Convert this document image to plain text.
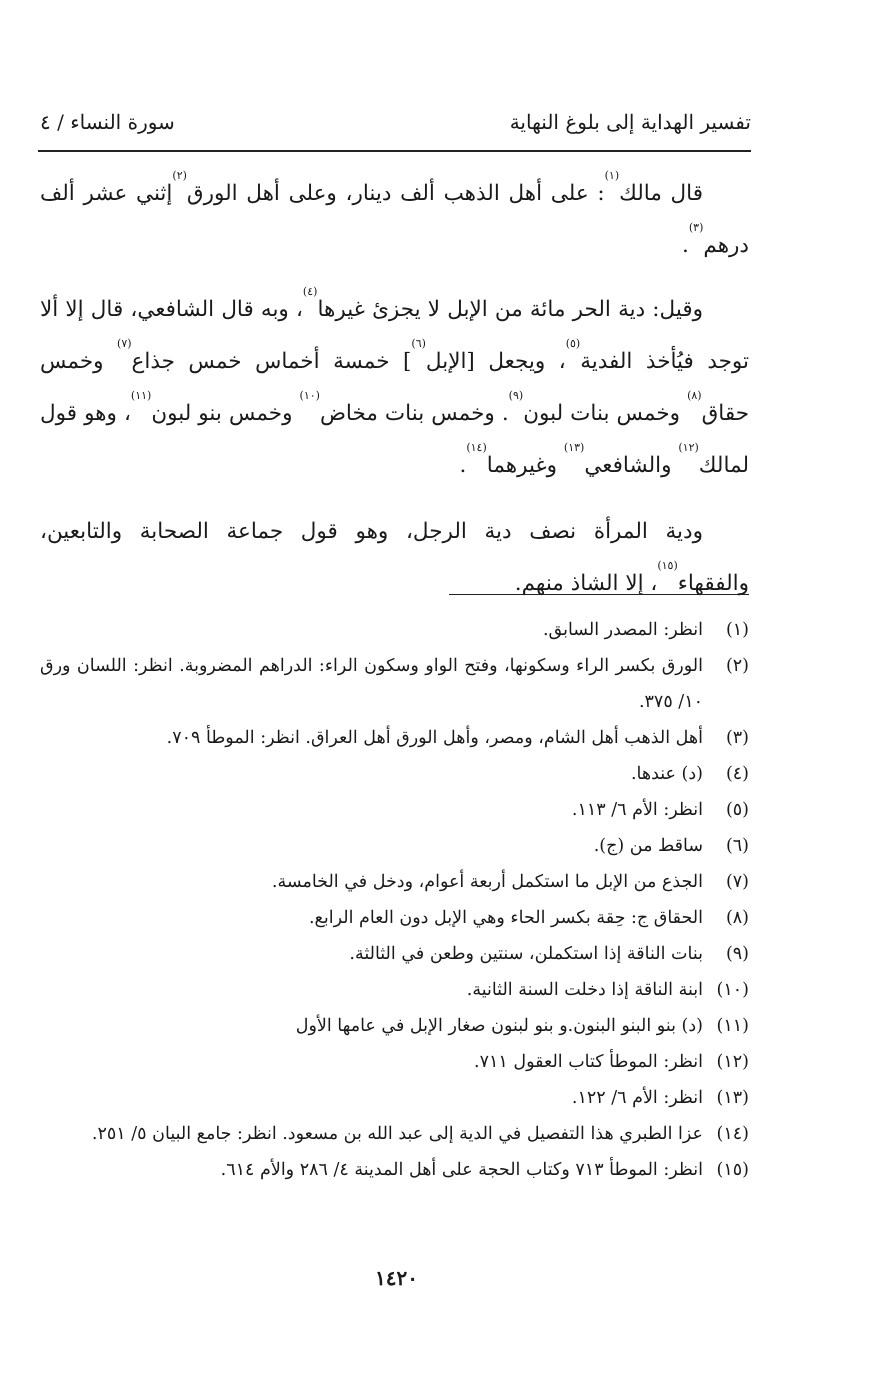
تفسير الهداية إلى بلوغ النهاية
سورة النساء / ٤

قال مالك$^{(١)}$: على أهل الذهب ألف دينار، وعلى أهل الورق$^{(٢)}$إثني عشر ألف درهم$^{(٣)}$.

وقيل: دية الحر مائة من الإبل لا يجزئ غيرها$^{(٤)}$، وبه قال الشافعي، قال إلا ألا توجد فيُأخذ الفدية$^{(٥)}$، ويجعل [الإبل$^{(٦)}$] خمسة أخماس خمس جذاع$^{(٧)}$ وخمس حقاق$^{(٨)}$ وخمس بنات لبون$^{(٩)}$. وخمس بنات مخاض$^{(١٠)}$ وخمس بنو لبون$^{(١١)}$، وهو قول لمالك$^{(١٢)}$ والشافعي$^{(١٣)}$ وغيرهما$^{(١٤)}$.

ودية المرأة نصف دية الرجل، وهو قول جماعة الصحابة والتابعين، والفقهاء$^{(١٥)}$، إلا الشاذ منهم.

(١)
انظر: المصدر السابق.
(٢)
الورق بكسر الراء وسكونها، وفتح الواو وسكون الراء: الدراهم المضروبة. انظر: اللسان ورق ١٠/ ٣٧٥.
(٣)
أهل الذهب أهل الشام، ومصر، وأهل الورق أهل العراق. انظر: الموطأ ٧٠٩.
(٤)
(د) عندها.
(٥)
انظر: الأم ٦/ ١١٣.
(٦)
ساقط من (ج).
(٧)
الجذع من الإبل ما استكمل أربعة أعوام، ودخل في الخامسة.
(٨)
الحقاق ج: حِقة بكسر الحاء وهي الإبل دون العام الرابع.
(٩)
بنات الناقة إذا استكملن، سنتين وطعن في الثالثة.
(١٠)
ابنة الناقة إذا دخلت السنة الثانية.
(١١)
(د) بنو البنو البنون.و بنو لبنون صغار الإبل في عامها الأول
(١٢)
انظر: الموطأ كتاب العقول ٧١١.
(١٣)
انظر: الأم ٦/ ١٢٢.
(١٤)
عزا الطبري هذا التفصيل في الدية إلى عبد الله بن مسعود. انظر: جامع البيان ٥/ ٢٥١.
(١٥)
انظر: الموطأ ٧١٣ وكتاب الحجة على أهل المدينة ٤/ ٢٨٦ والأم ٦١٤.
١٤٢٠
